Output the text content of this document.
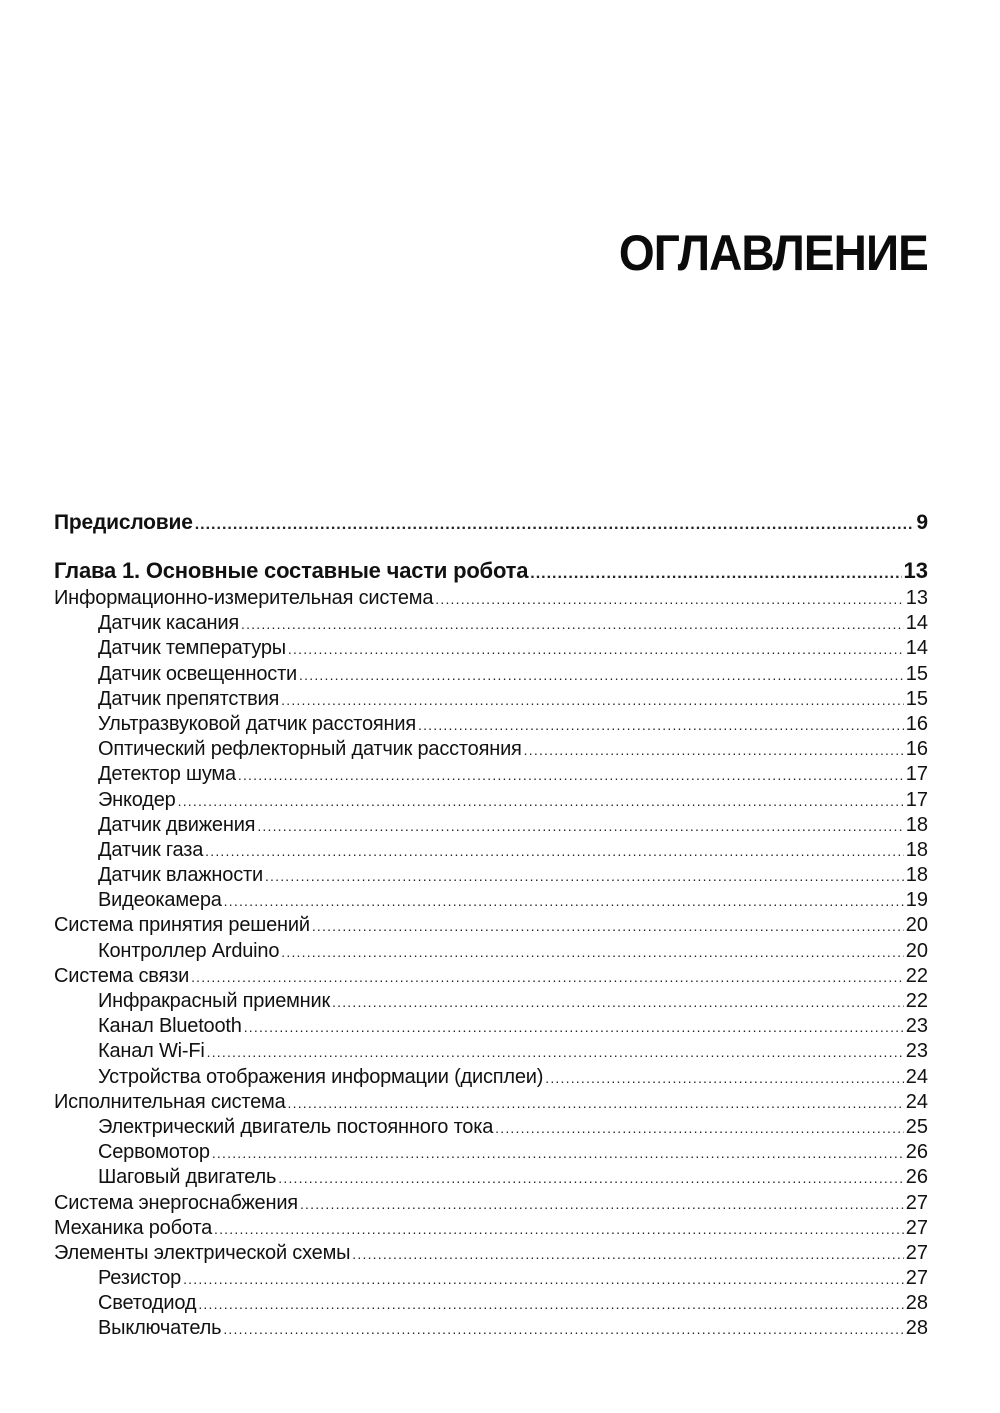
ОГЛАВЛЕНИЕ
Предисловие .....	9
Глава 1. Основные составные части робота .....	13
Информационно-измерительная система .....	13
Датчик касания .....	14
Датчик температуры .....	14
Датчик освещенности .....	15
Датчик препятствия .....	15
Ультразвуковой датчик расстояния .....	16
Оптический рефлекторный датчик расстояния .....	16
Детектор шума .....	17
Энкодер .....	17
Датчик движения .....	18
Датчик газа .....	18
Датчик влажности .....	18
Видеокамера .....	19
Система принятия решений .....	20
Контроллер Arduino .....	20
Система связи .....	22
Инфракрасный приемник .....	22
Канал Bluetooth .....	23
Канал Wi-Fi .....	23
Устройства отображения информации (дисплеи) .....	24
Исполнительная система .....	24
Электрический двигатель постоянного тока .....	25
Сервомотор .....	26
Шаговый двигатель .....	26
Система энергоснабжения .....	27
Механика робота .....	27
Элементы электрической схемы .....	27
Резистор .....	27
Светодиод .....	28
Выключатель .....	28
